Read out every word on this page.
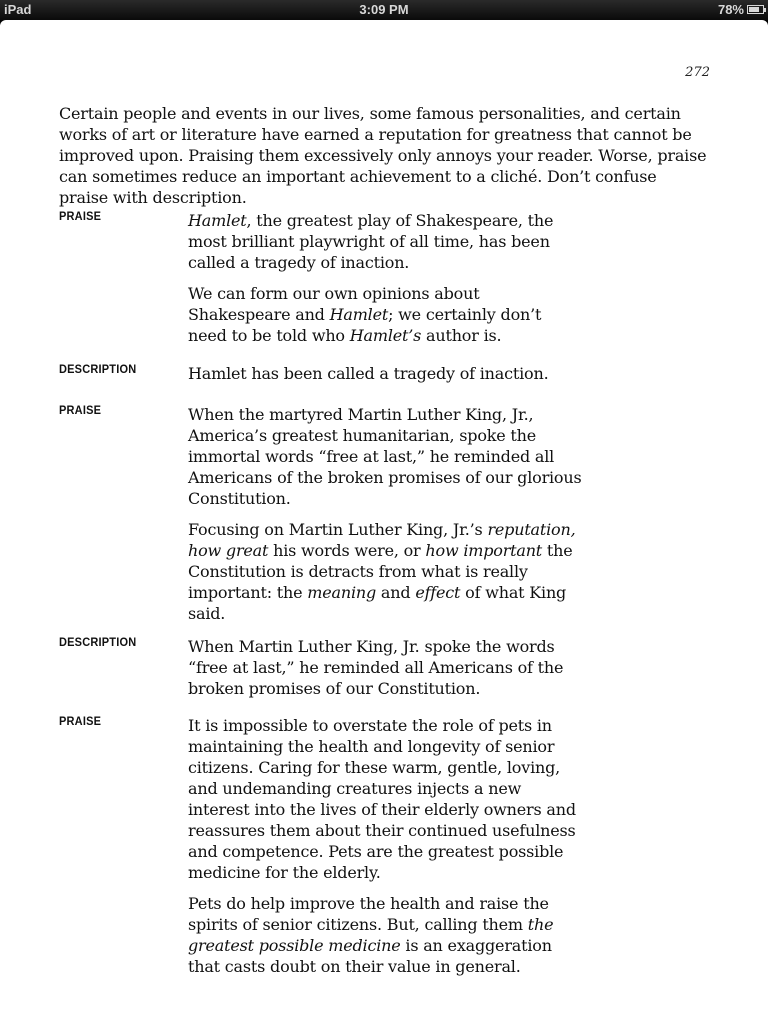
iPad	3:09 PM	78%
272
Certain people and events in our lives, some famous personalities, and certain works of art or literature have earned a reputation for greatness that cannot be improved upon. Praising them excessively only annoys your reader. Worse, praise can sometimes reduce an important achievement to a cliché. Don’t confuse praise with description.
PRAISE	Hamlet, the greatest play of Shakespeare, the most brilliant playwright of all time, has been called a tragedy of inaction.

We can form our own opinions about Shakespeare and Hamlet; we certainly don’t need to be told who Hamlet’s author is.

DESCRIPTION	Hamlet has been called a tragedy of inaction.

PRAISE	When the martyred Martin Luther King, Jr., America’s greatest humanitarian, spoke the immortal words “free at last,” he reminded all Americans of the broken promises of our glorious Constitution.

Focusing on Martin Luther King, Jr.’s reputation, how great his words were, or how important the Constitution is detracts from what is really important: the meaning and effect of what King said.

DESCRIPTION	When Martin Luther King, Jr. spoke the words “free at last,” he reminded all Americans of the broken promises of our Constitution.

PRAISE	It is impossible to overstate the role of pets in maintaining the health and longevity of senior citizens. Caring for these warm, gentle, loving, and undemanding creatures injects a new interest into the lives of their elderly owners and reassures them about their continued usefulness and competence. Pets are the greatest possible medicine for the elderly.

Pets do help improve the health and raise the spirits of senior citizens. But, calling them the greatest possible medicine is an exaggeration that casts doubt on their value in general.
